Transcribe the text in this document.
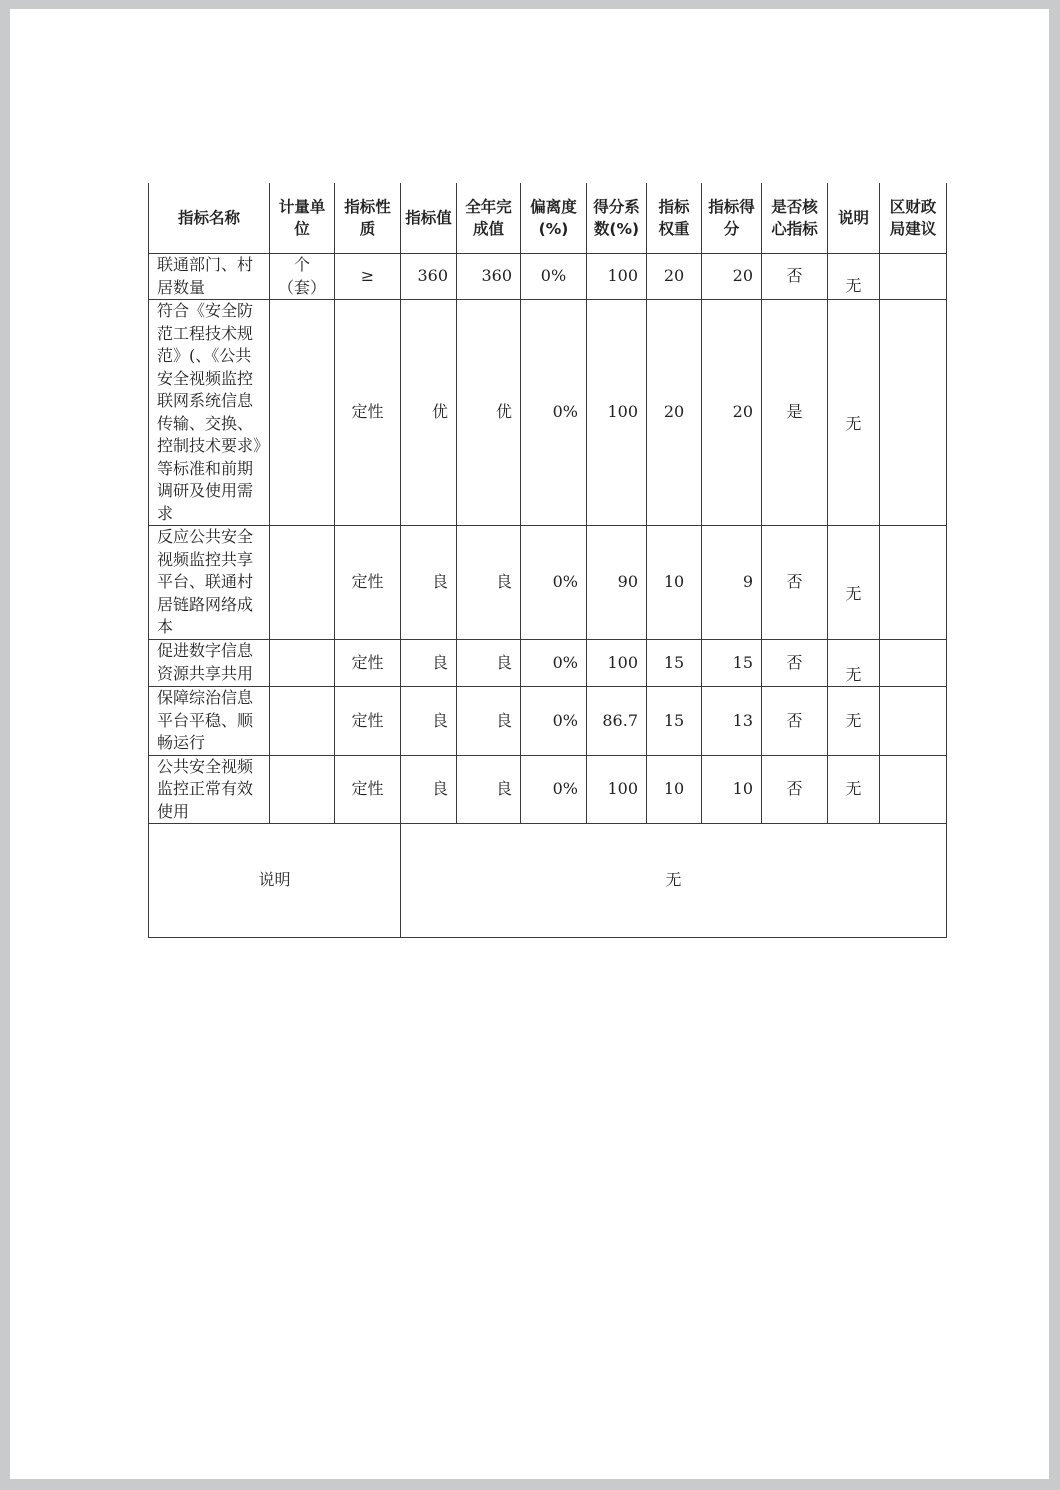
指标名称	计量单位	指标性质	指标值	全年完成值	偏离度(%)	得分系数(%)	指标权重	指标得分	是否核心指标	说明	区财政局建议
联通部门、村居数量	个（套）	≥	360	360	0%	100	20	20	否	无	
符合《安全防范工程技术规范》(、《公共安全视频监控联网系统信息传输、交换、控制技术要求》等标准和前期调研及使用需求		定性	优	优	0%	100	20	20	是	无	
反应公共安全视频监控共享平台、联通村居链路网络成本		定性	良	良	0%	90	10	9	否	无	
促进数字信息资源共享共用		定性	良	良	0%	100	15	15	否	无	
保障综治信息平台平稳、顺畅运行		定性	良	良	0%	86.7	15	13	否	无	
公共安全视频监控正常有效使用		定性	良	良	0%	100	10	10	否	无	
说明			无								
